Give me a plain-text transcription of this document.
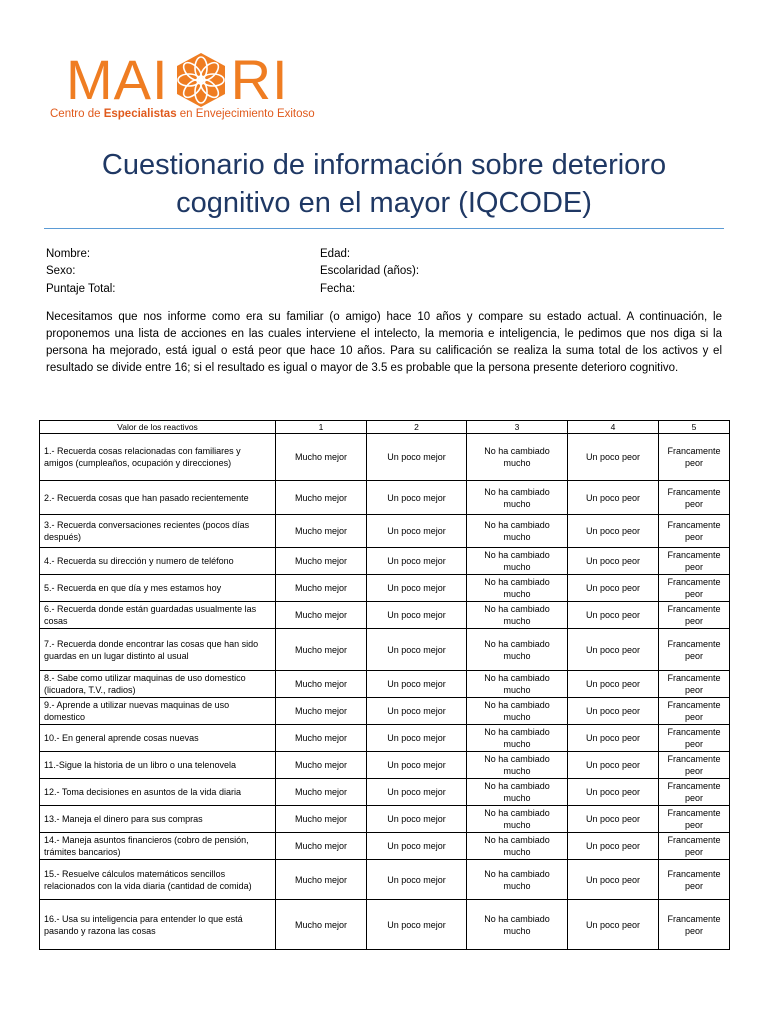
MAI RI
Centro de Especialistas en Envejecimiento Exitoso
Cuestionario de información sobre deterioro
cognitivo en el mayor (IQCODE)
Nombre:
Sexo:
Puntaje Total:
Edad:
Escolaridad (años):
Fecha:
Necesitamos que nos informe como era su familiar (o amigo) hace 10 años y compare su estado actual. A continuación, le proponemos una lista de acciones en las cuales interviene el intelecto, la memoria e inteligencia, le pedimos que nos diga si la persona ha mejorado, está igual o está peor que hace 10 años. Para su calificación se realiza la suma total de los activos y el resultado se divide entre 16; si el resultado es igual o mayor de 3.5 es probable que la persona presente deterioro cognitivo.
Valor de los reactivos	1	2	3	4	5
1.- Recuerda cosas relacionadas con familiares y amigos (cumpleaños, ocupación y direcciones)	Mucho mejor	Un poco mejor	No ha cambiado mucho	Un poco peor	Francamente peor
2.- Recuerda cosas que han pasado recientemente	Mucho mejor	Un poco mejor	No ha cambiado mucho	Un poco peor	Francamente peor
3.- Recuerda conversaciones recientes (pocos días después)	Mucho mejor	Un poco mejor	No ha cambiado mucho	Un poco peor	Francamente peor
4.- Recuerda su dirección y numero de teléfono	Mucho mejor	Un poco mejor	No ha cambiado mucho	Un poco peor	Francamente peor
5.- Recuerda en que día y mes estamos hoy	Mucho mejor	Un poco mejor	No ha cambiado mucho	Un poco peor	Francamente peor
6.- Recuerda donde están guardadas usualmente las cosas	Mucho mejor	Un poco mejor	No ha cambiado mucho	Un poco peor	Francamente peor
7.- Recuerda donde encontrar las cosas que han sido guardas en un lugar distinto al usual	Mucho mejor	Un poco mejor	No ha cambiado mucho	Un poco peor	Francamente peor
8.- Sabe como utilizar maquinas de uso domestico (licuadora, T.V., radios)	Mucho mejor	Un poco mejor	No ha cambiado mucho	Un poco peor	Francamente peor
9.- Aprende a utilizar nuevas maquinas de uso domestico	Mucho mejor	Un poco mejor	No ha cambiado mucho	Un poco peor	Francamente peor
10.- En general aprende cosas nuevas	Mucho mejor	Un poco mejor	No ha cambiado mucho	Un poco peor	Francamente peor
11.-Sigue la historia de un libro o una telenovela	Mucho mejor	Un poco mejor	No ha cambiado mucho	Un poco peor	Francamente peor
12.- Toma decisiones en asuntos de la vida diaria	Mucho mejor	Un poco mejor	No ha cambiado mucho	Un poco peor	Francamente peor
13.- Maneja el dinero para sus compras	Mucho mejor	Un poco mejor	No ha cambiado mucho	Un poco peor	Francamente peor
14.- Maneja asuntos financieros (cobro de pensión, trámites bancarios)	Mucho mejor	Un poco mejor	No ha cambiado mucho	Un poco peor	Francamente peor
15.- Resuelve cálculos matemáticos sencillos relacionados con la vida diaria (cantidad de comida)	Mucho mejor	Un poco mejor	No ha cambiado mucho	Un poco peor	Francamente peor
16.- Usa su inteligencia para entender lo que está pasando y razona las cosas	Mucho mejor	Un poco mejor	No ha cambiado mucho	Un poco peor	Francamente peor
